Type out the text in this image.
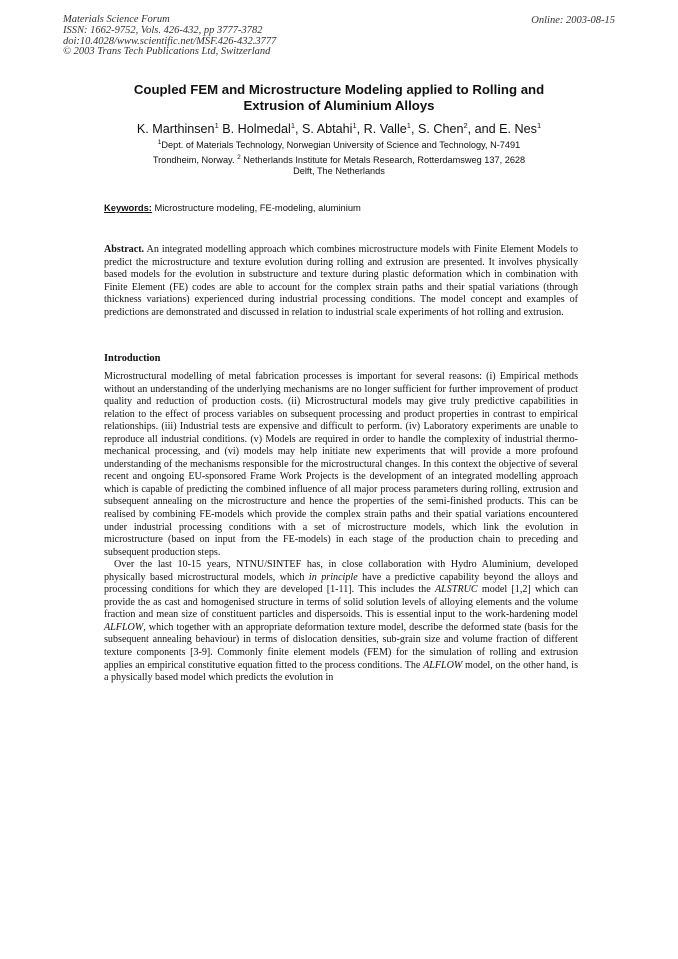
Materials Science Forum
ISSN: 1662-9752, Vols. 426-432, pp 3777-3782
doi:10.4028/www.scientific.net/MSF.426-432.3777
© 2003 Trans Tech Publications Ltd, Switzerland
Online: 2003-08-15
Coupled FEM and Microstructure Modeling applied to Rolling and
Extrusion of Aluminium Alloys
K. Marthinsen$^1$ B. Holmedal$^1$, S. Abtahi$^1$, R. Valle$^1$, S. Chen$^2$, and E. Nes$^1$
$^1$Dept. of Materials Technology, Norwegian University of Science and Technology, N-7491
Trondheim, Norway. $^2$ Netherlands Institute for Metals Research, Rotterdamsweg 137, 2628
Delft, The Netherlands
Keywords: Microstructure modeling, FE-modeling, aluminium

Abstract. An integrated modelling approach which combines microstructure models with Finite Element Models to predict the microstructure and texture evolution during rolling and extrusion are presented. It involves physically based models for the evolution in substructure and texture during plastic deformation which in combination with Finite Element (FE) codes are able to account for the complex strain paths and their spatial variations (through thickness variations) experienced during industrial processing conditions. The model concept and examples of predictions are demonstrated and discussed in relation to industrial scale experiments of hot rolling and extrusion.

Introduction

Microstructural modelling of metal fabrication processes is important for several reasons: (i) Empirical methods without an understanding of the underlying mechanisms are no longer sufficient for further improvement of product quality and reduction of production costs. (ii) Microstructural models may give truly predictive capabilities in relation to the effect of process variables on subsequent processing and product properties in contrast to empirical relationships. (iii) Industrial tests are expensive and difficult to perform. (iv) Laboratory experiments are unable to reproduce all industrial conditions. (v) Models are required in order to handle the complexity of industrial thermo-mechanical processing, and (vi) models may help initiate new experiments that will provide a more profound understanding of the mechanisms responsible for the microstructural changes. In this context the objective of several recent and ongoing EU-sponsored Frame Work Projects is the development of an integrated modelling approach which is capable of predicting the combined influence of all major process parameters during rolling, extrusion and subsequent annealing on the microstructure and hence the properties of the semi-finished products. This can be realised by combining FE-models which provide the complex strain paths and their spatial variations encountered under industrial processing conditions with a set of microstructure models, which link the evolution in microstructure (based on input from the FE-models) in each stage of the production chain to preceding and subsequent production steps.

Over the last 10-15 years, NTNU/SINTEF has, in close collaboration with Hydro Aluminium, developed physically based microstructural models, which in principle have a predictive capability beyond the alloys and processing conditions for which they are developed [1-11]. This includes the ALSTRUC model [1,2] which can provide the as cast and homogenised structure in terms of solid solution levels of alloying elements and the volume fraction and mean size of constituent particles and dispersoids. This is essential input to the work-hardening model ALFLOW, which together with an appropriate deformation texture model, describe the deformed state (basis for the subsequent annealing behaviour) in terms of dislocation densities, sub-grain size and volume fraction of different texture components [3-9]. Commonly finite element models (FEM) for the simulation of rolling and extrusion applies an empirical constitutive equation fitted to the process conditions. The ALFLOW model, on the other hand, is a physically based model which predicts the evolution in
